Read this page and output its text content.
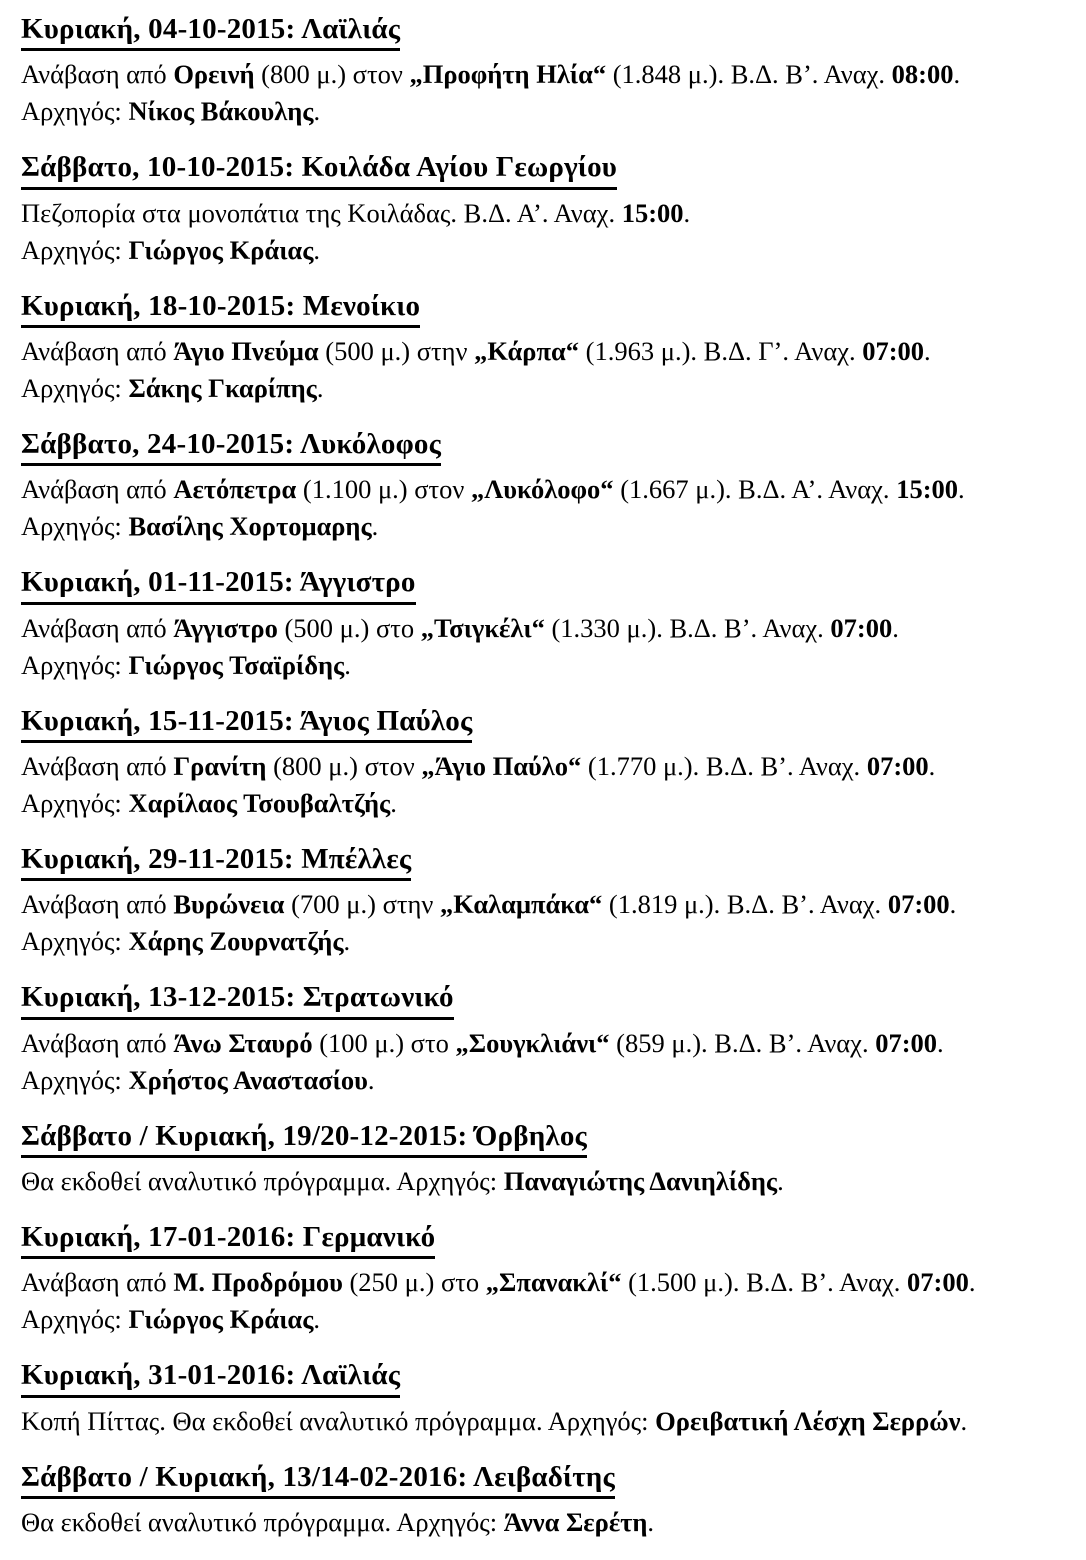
Κυριακή, 04-10-2015: Λαϊλιάς
Ανάβαση από Ορεινή (800 μ.) στον „Προφήτη Ηλία“ (1.848 μ.). Β.Δ. Β’. Αναχ. 08:00.
Αρχηγός: Νίκος Βάκουλης.
Σάββατο, 10-10-2015: Κοιλάδα Αγίου Γεωργίου
Πεζοπορία στα μονοπάτια της Κοιλάδας. Β.Δ. Α’. Αναχ. 15:00.
Αρχηγός: Γιώργος Κράιας.
Κυριακή, 18-10-2015: Μενοίκιο
Ανάβαση από Άγιο Πνεύμα (500 μ.) στην „Κάρπα“ (1.963 μ.). Β.Δ. Γ’. Αναχ. 07:00.
Αρχηγός: Σάκης Γκαρίπης.
Σάββατο, 24-10-2015: Λυκόλοφος
Ανάβαση από Αετόπετρα (1.100 μ.) στον „Λυκόλοφο“ (1.667 μ.). Β.Δ. Α’. Αναχ. 15:00.
Αρχηγός: Βασίλης Χορτομαρης.
Κυριακή, 01-11-2015: Άγγιστρο
Ανάβαση από Άγγιστρο (500 μ.) στο „Τσιγκέλι“ (1.330 μ.). Β.Δ. Β’. Αναχ. 07:00.
Αρχηγός: Γιώργος Τσαϊρίδης.
Κυριακή, 15-11-2015: Άγιος Παύλος
Ανάβαση από Γρανίτη (800 μ.) στον „Άγιο Παύλο“ (1.770 μ.). Β.Δ. Β’. Αναχ. 07:00.
Αρχηγός: Χαρίλαος Τσουβαλτζής.
Κυριακή, 29-11-2015: Μπέλλες
Ανάβαση από Βυρώνεια (700 μ.) στην „Καλαμπάκα“ (1.819 μ.). Β.Δ. Β’. Αναχ. 07:00.
Αρχηγός: Χάρης Ζουρνατζής.
Κυριακή, 13-12-2015: Στρατωνικό
Ανάβαση από Άνω Σταυρό (100 μ.) στο „Σουγκλιάνι“ (859 μ.). Β.Δ. Β’. Αναχ. 07:00.
Αρχηγός: Χρήστος Αναστασίου.
Σάββατο / Κυριακή, 19/20-12-2015: Όρβηλος
Θα εκδοθεί αναλυτικό πρόγραμμα. Αρχηγός: Παναγιώτης Δανιηλίδης.
Κυριακή, 17-01-2016: Γερμανικό
Ανάβαση από Μ. Προδρόμου (250 μ.) στο „Σπανακλί“ (1.500 μ.). Β.Δ. Β’. Αναχ. 07:00.
Αρχηγός: Γιώργος Κράιας.
Κυριακή, 31-01-2016: Λαϊλιάς
Κοπή Πίττας. Θα εκδοθεί αναλυτικό πρόγραμμα. Αρχηγός: Ορειβατική Λέσχη Σερρών.
Σάββατο / Κυριακή, 13/14-02-2016: Λειβαδίτης
Θα εκδοθεί αναλυτικό πρόγραμμα. Αρχηγός: Άννα Σερέτη.
